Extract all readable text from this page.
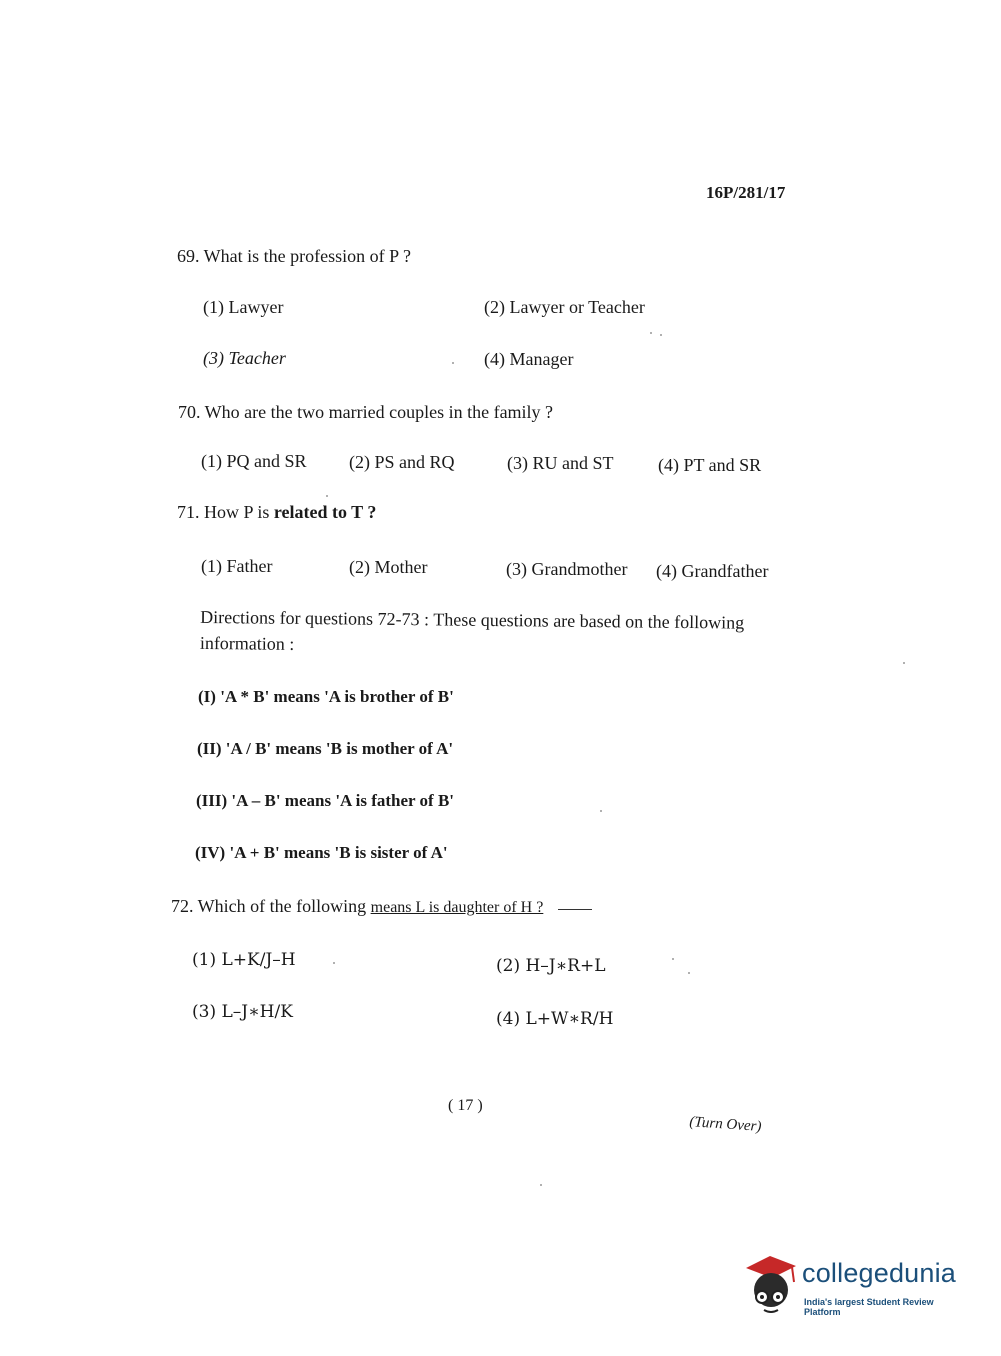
16P/281/17
69. What is the profession of P ?
(1) Lawyer	(2) Lawyer or Teacher
(3) Teacher	(4) Manager
70. Who are the two married couples in the family ?
(1) PQ and SR (2) PS and RQ	(3) RU and ST (4) PT and SR
71. How P is related to T ?
(1) Father	(2) Mother	(3) Grandmother (4) Grandfather
Directions for questions 72-73 : These questions are based on the following information :
(I) 'A * B' means 'A is brother of B'
(II) 'A / B' means 'B is mother of A'
(III) 'A – B' means 'A is father of B'
(IV) 'A + B' means 'B is sister of A'
72. Which of the following means L is daughter of H ?
(1) L+K/J–H	(2) H–J∗R+L
(3) L–J∗H/K	(4) L+W∗R/H
( 17 )
(Turn Over)
collegedunia
India's largest Student Review Platform
